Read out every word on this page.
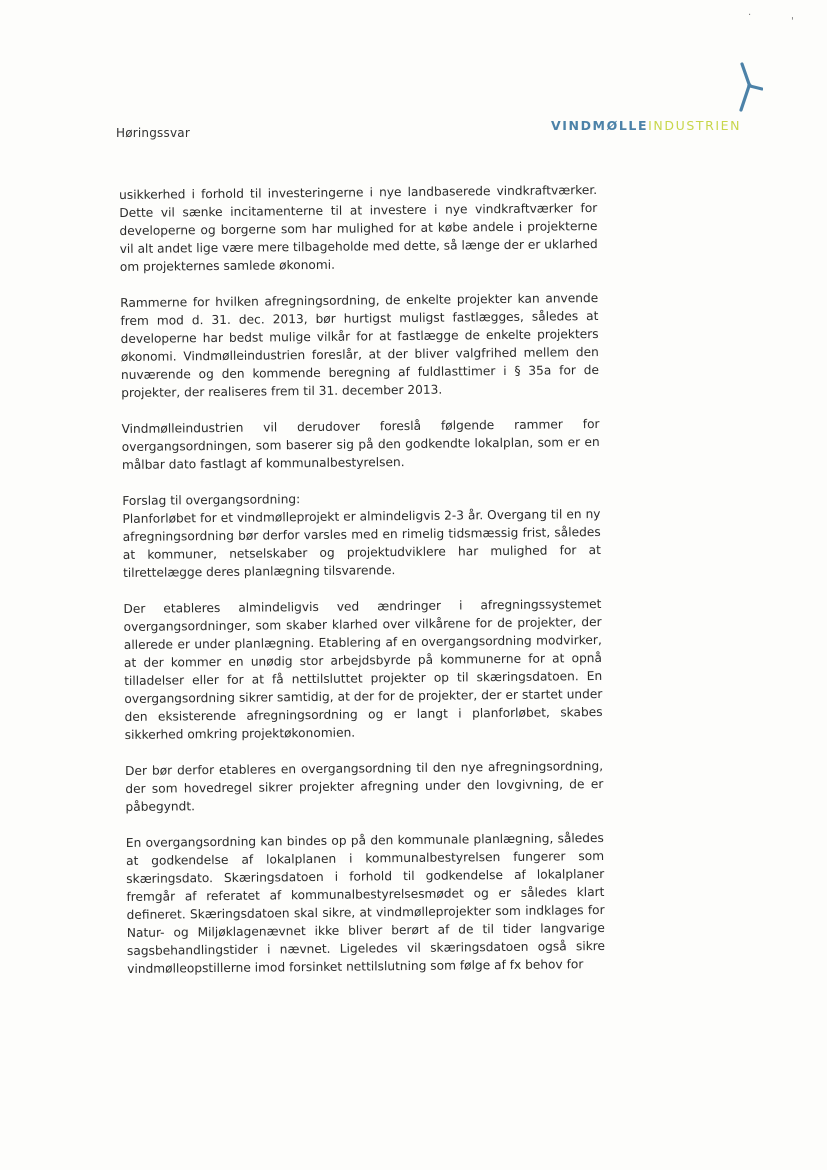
Høringssvar	VINDMØLLEINDUSTRIEN
·
'

usikkerhed i forhold til investeringerne i nye landbaserede vindkraftværker. Dette vil sænke incitamenterne til at investere i nye vindkraftværker for developerne og borgerne som har mulighed for at købe andele i projekterne vil alt andet lige være mere tilbageholde med dette, så længe der er uklarhed om projekternes samlede økonomi.

Rammerne for hvilken afregningsordning, de enkelte projekter kan anvende frem mod d. 31. dec. 2013, bør hurtigst muligst fastlægges, således at developerne har bedst mulige vilkår for at fastlægge de enkelte projekters økonomi. Vindmølleindustrien foreslår, at der bliver valgfrihed mellem den nuværende og den kommende beregning af fuldlasttimer i § 35a for de projekter, der realiseres frem til 31. december 2013.

Vindmølleindustrien vil derudover foreslå følgende rammer for overgangsordningen, som baserer sig på den godkendte lokalplan, som er en målbar dato fastlagt af kommunalbestyrelsen.

Forslag til overgangsordning:

Planforløbet for et vindmølleprojekt er almindeligvis 2-3 år. Overgang til en ny afregningsordning bør derfor varsles med en rimelig tidsmæssig frist, således at kommuner, netselskaber og projektudviklere har mulighed for at tilrettelægge deres planlægning tilsvarende.

Der etableres almindeligvis ved ændringer i afregningssystemet overgangsordninger, som skaber klarhed over vilkårene for de projekter, der allerede er under planlægning. Etablering af en overgangsordning modvirker, at der kommer en unødig stor arbejdsbyrde på kommunerne for at opnå tilladelser eller for at få nettilsluttet projekter op til skæringsdatoen. En overgangsordning sikrer samtidig, at der for de projekter, der er startet under den eksisterende afregningsordning og er langt i planforløbet, skabes sikkerhed omkring projektøkonomien.

Der bør derfor etableres en overgangsordning til den nye afregningsordning, der som hovedregel sikrer projekter afregning under den lovgivning, de er påbegyndt.

En overgangsordning kan bindes op på den kommunale planlægning, således at godkendelse af lokalplanen i kommunalbestyrelsen fungerer som skæringsdato. Skæringsdatoen i forhold til godkendelse af lokalplaner fremgår af referatet af kommunalbestyrelsesmødet og er således klart defineret. Skæringsdatoen skal sikre, at vindmølleprojekter som indklages for Natur- og Miljøklagenævnet ikke bliver berørt af de til tider langvarige sagsbehandlingstider i nævnet. Ligeledes vil skæringsdatoen også sikre vindmølleopstillerne imod forsinket nettilslutning som følge af fx behov for
